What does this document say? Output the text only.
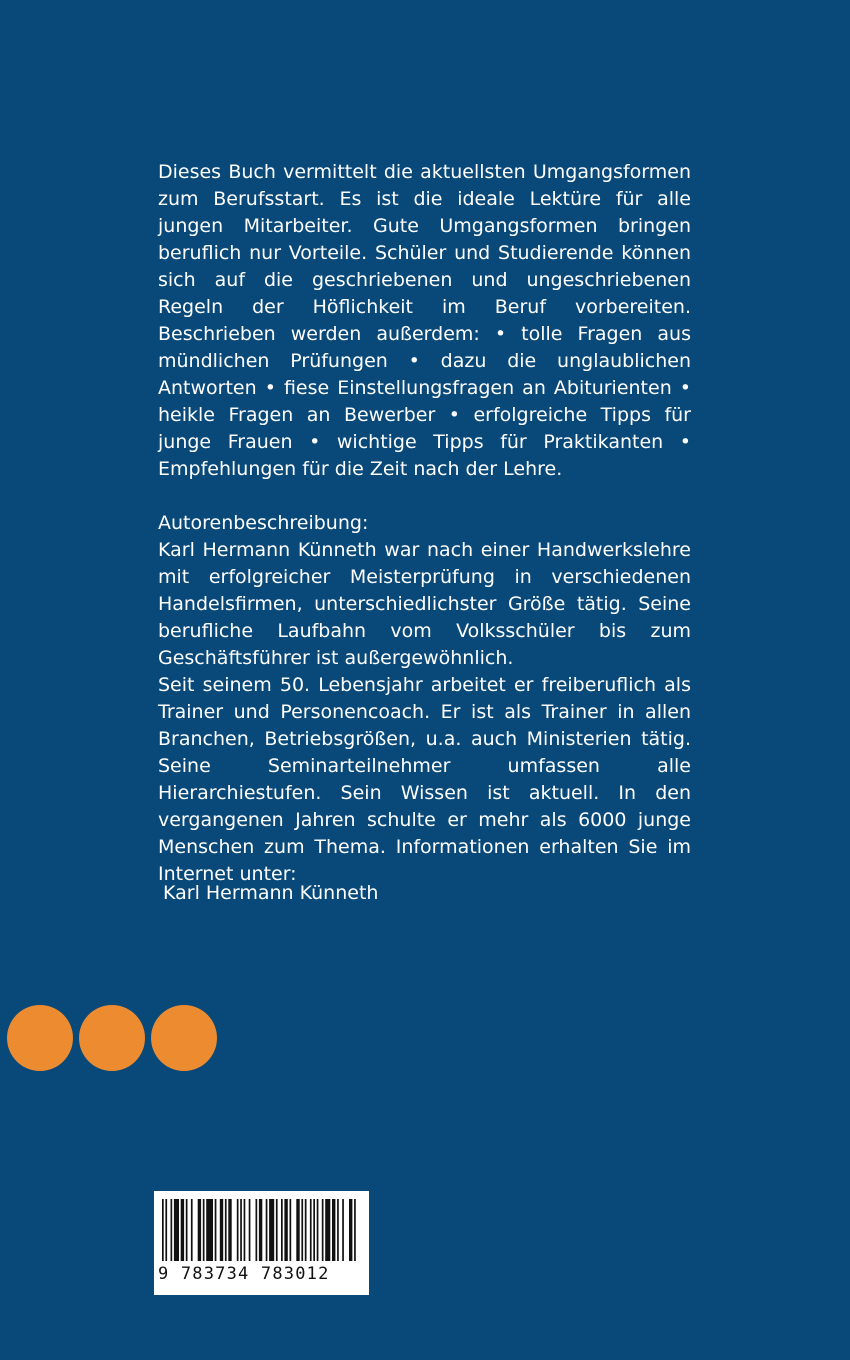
Dieses Buch vermittelt die aktuellsten Umgangsformen zum Berufsstart. Es ist die ideale Lektüre für alle jungen Mitarbeiter. Gute Umgangsformen bringen beruflich nur Vorteile. Schüler und Studierende können sich auf die geschriebenen und ungeschriebenen Regeln der Höflichkeit im Beruf vorbereiten. Beschrieben werden außerdem: • tolle Fragen aus mündlichen Prüfungen • dazu die unglaublichen Antworten • fiese Einstellungsfragen an Abiturienten • heikle Fragen an Bewerber • erfolgreiche Tipps für junge Frauen • wichtige Tipps für Praktikanten • Empfehlungen für die Zeit nach der Lehre.

Autorenbeschreibung:

Karl Hermann Künneth war nach einer Handwerkslehre mit erfolgreicher Meisterprüfung in verschiedenen Handelsfirmen, unterschiedlichster Größe tätig. Seine berufliche Laufbahn vom Volksschüler bis zum Geschäftsführer ist außergewöhnlich.

Seit seinem 50. Lebensjahr arbeitet er freiberuflich als Trainer und Personencoach. Er ist als Trainer in allen Branchen, Betriebsgrößen, u.a. auch Ministerien tätig. Seine Seminarteilnehmer umfassen alle Hierarchiestufen. Sein Wissen ist aktuell. In den vergangenen Jahren schulte er mehr als 6000 junge Menschen zum Thema. Informationen erhalten Sie im Internet unter:

Karl Hermann Künneth
9 783734 783012
